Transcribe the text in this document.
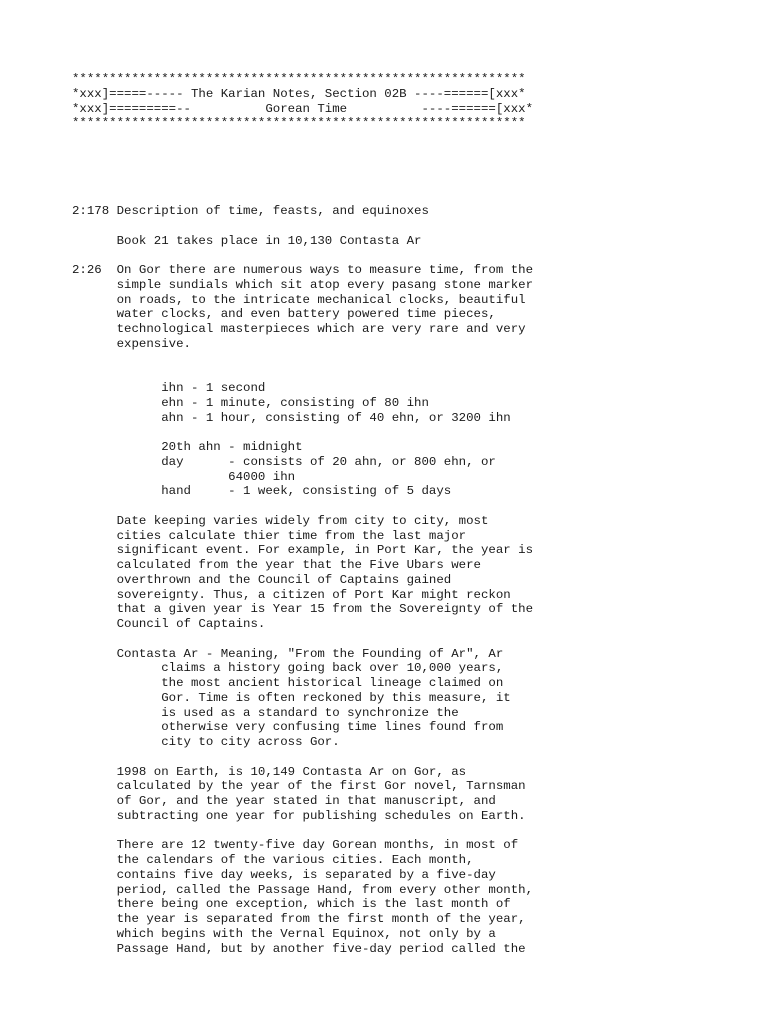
*************************************************************
*xxx]=====----- The Karian Notes, Section 02B ----======[xxx*
*xxx]=========--          Gorean Time          ----======[xxx*
*************************************************************
2:178 Description of time, feasts, and equinoxes
Book 21 takes place in 10,130 Contasta Ar
2:26  On Gor there are numerous ways to measure time, from the
simple sundials which sit atop every pasang stone marker
on roads, to the intricate mechanical clocks, beautiful
water clocks, and even battery powered time pieces,
technological masterpieces which are very rare and very
expensive.
ihn - 1 second
ehn - 1 minute, consisting of 80 ihn
ahn - 1 hour, consisting of 40 ehn, or 3200 ihn
20th ahn - midnight
day      - consists of 20 ahn, or 800 ehn, or
64000 ihn
hand     - 1 week, consisting of 5 days
Date keeping varies widely from city to city, most
cities calculate thier time from the last major
significant event. For example, in Port Kar, the year is
calculated from the year that the Five Ubars were
overthrown and the Council of Captains gained
sovereignty. Thus, a citizen of Port Kar might reckon
that a given year is Year 15 from the Sovereignty of the
Council of Captains.
Contasta Ar - Meaning, "From the Founding of Ar", Ar
claims a history going back over 10,000 years,
the most ancient historical lineage claimed on
Gor. Time is often reckoned by this measure, it
is used as a standard to synchronize the
otherwise very confusing time lines found from
city to city across Gor.
1998 on Earth, is 10,149 Contasta Ar on Gor, as
calculated by the year of the first Gor novel, Tarnsman
of Gor, and the year stated in that manuscript, and
subtracting one year for publishing schedules on Earth.
There are 12 twenty-five day Gorean months, in most of
the calendars of the various cities. Each month,
contains five day weeks, is separated by a five-day
period, called the Passage Hand, from every other month,
there being one exception, which is the last month of
the year is separated from the first month of the year,
which begins with the Vernal Equinox, not only by a
Passage Hand, but by another five-day period called the
